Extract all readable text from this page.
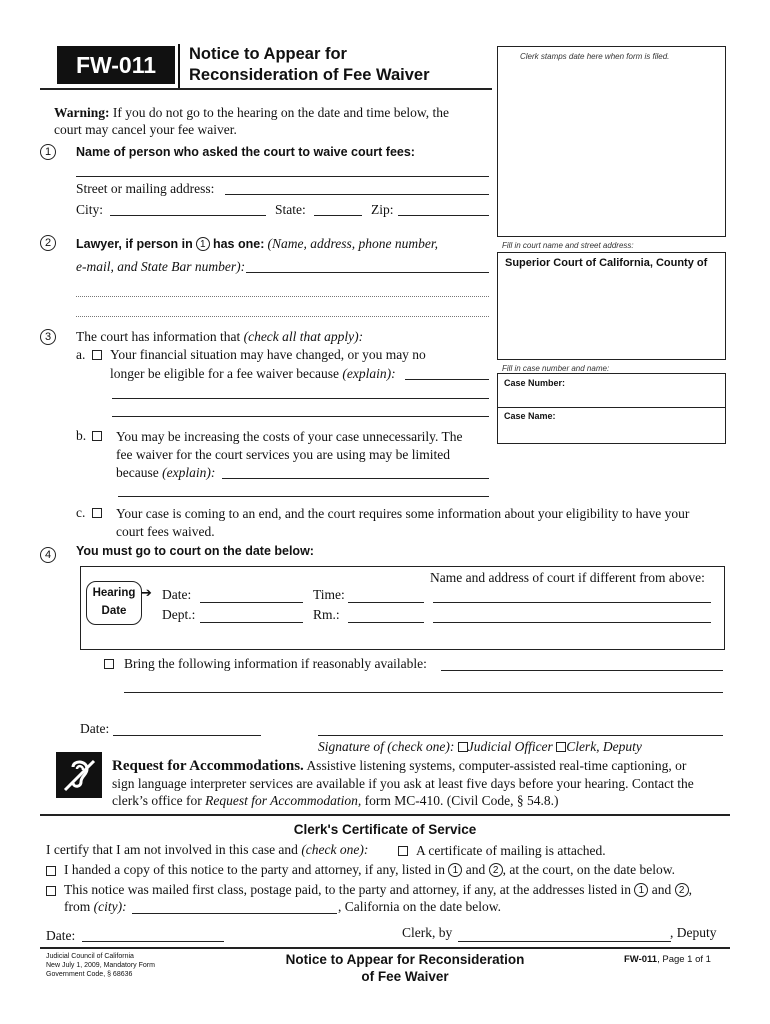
FW-011	Notice to Appear for
Reconsideration of Fee Waiver
Clerk stamps date here when form is filed.
Warning: If you do not go to the hearing on the date and time below, the
court may cancel your fee waiver.
1	Name of person who asked the court to waive court fees:
Street or mailing address:
City:	State:	Zip:
2	Lawyer, if person in 1 has one: (Name, address, phone number,
e-mail, and State Bar number):
Fill in court name and street address:
Superior Court of California, County of
Fill in case number and name:
Case Number:
Case Name:
3	The court has information that (check all that apply):
a. Your financial situation may have changed, or you may no
longer be eligible for a fee waiver because (explain):
b. You may be increasing the costs of your case unnecessarily. The
fee waiver for the court services you are using may be limited
because (explain):
c. Your case is coming to an end, and the court requires some information about your eligibility to have your
court fees waived.
4	You must go to court on the date below:
Hearing
Date
➔ Date:	Time:
Dept.:	Rm.:
Name and address of court if different from above:
Bring the following information if reasonably available:
Date:
Signature of (check one): Judicial Officer Clerk, Deputy
Request for Accommodations. Assistive listening systems, computer-assisted real-time captioning, or
sign language interpreter services are available if you ask at least five days before your hearing. Contact the
clerk’s office for Request for Accommodation, form MC-410. (Civil Code, § 54.8.)
Clerk's Certificate of Service
I certify that I am not involved in this case and (check one):	A certificate of mailing is attached.
I handed a copy of this notice to the party and attorney, if any, listed in 1 and 2 , at the court, on the date below.
This notice was mailed first class, postage paid, to the party and attorney, if any, at the addresses listed in 1 and 2 ,
from (city):	, California on the date below.
Date:	Clerk, by	, Deputy
Judicial Council of California
New July 1, 2009, Mandatory Form
Government Code, § 68636
Notice to Appear for Reconsideration
of Fee Waiver
FW-011, Page 1 of 1
